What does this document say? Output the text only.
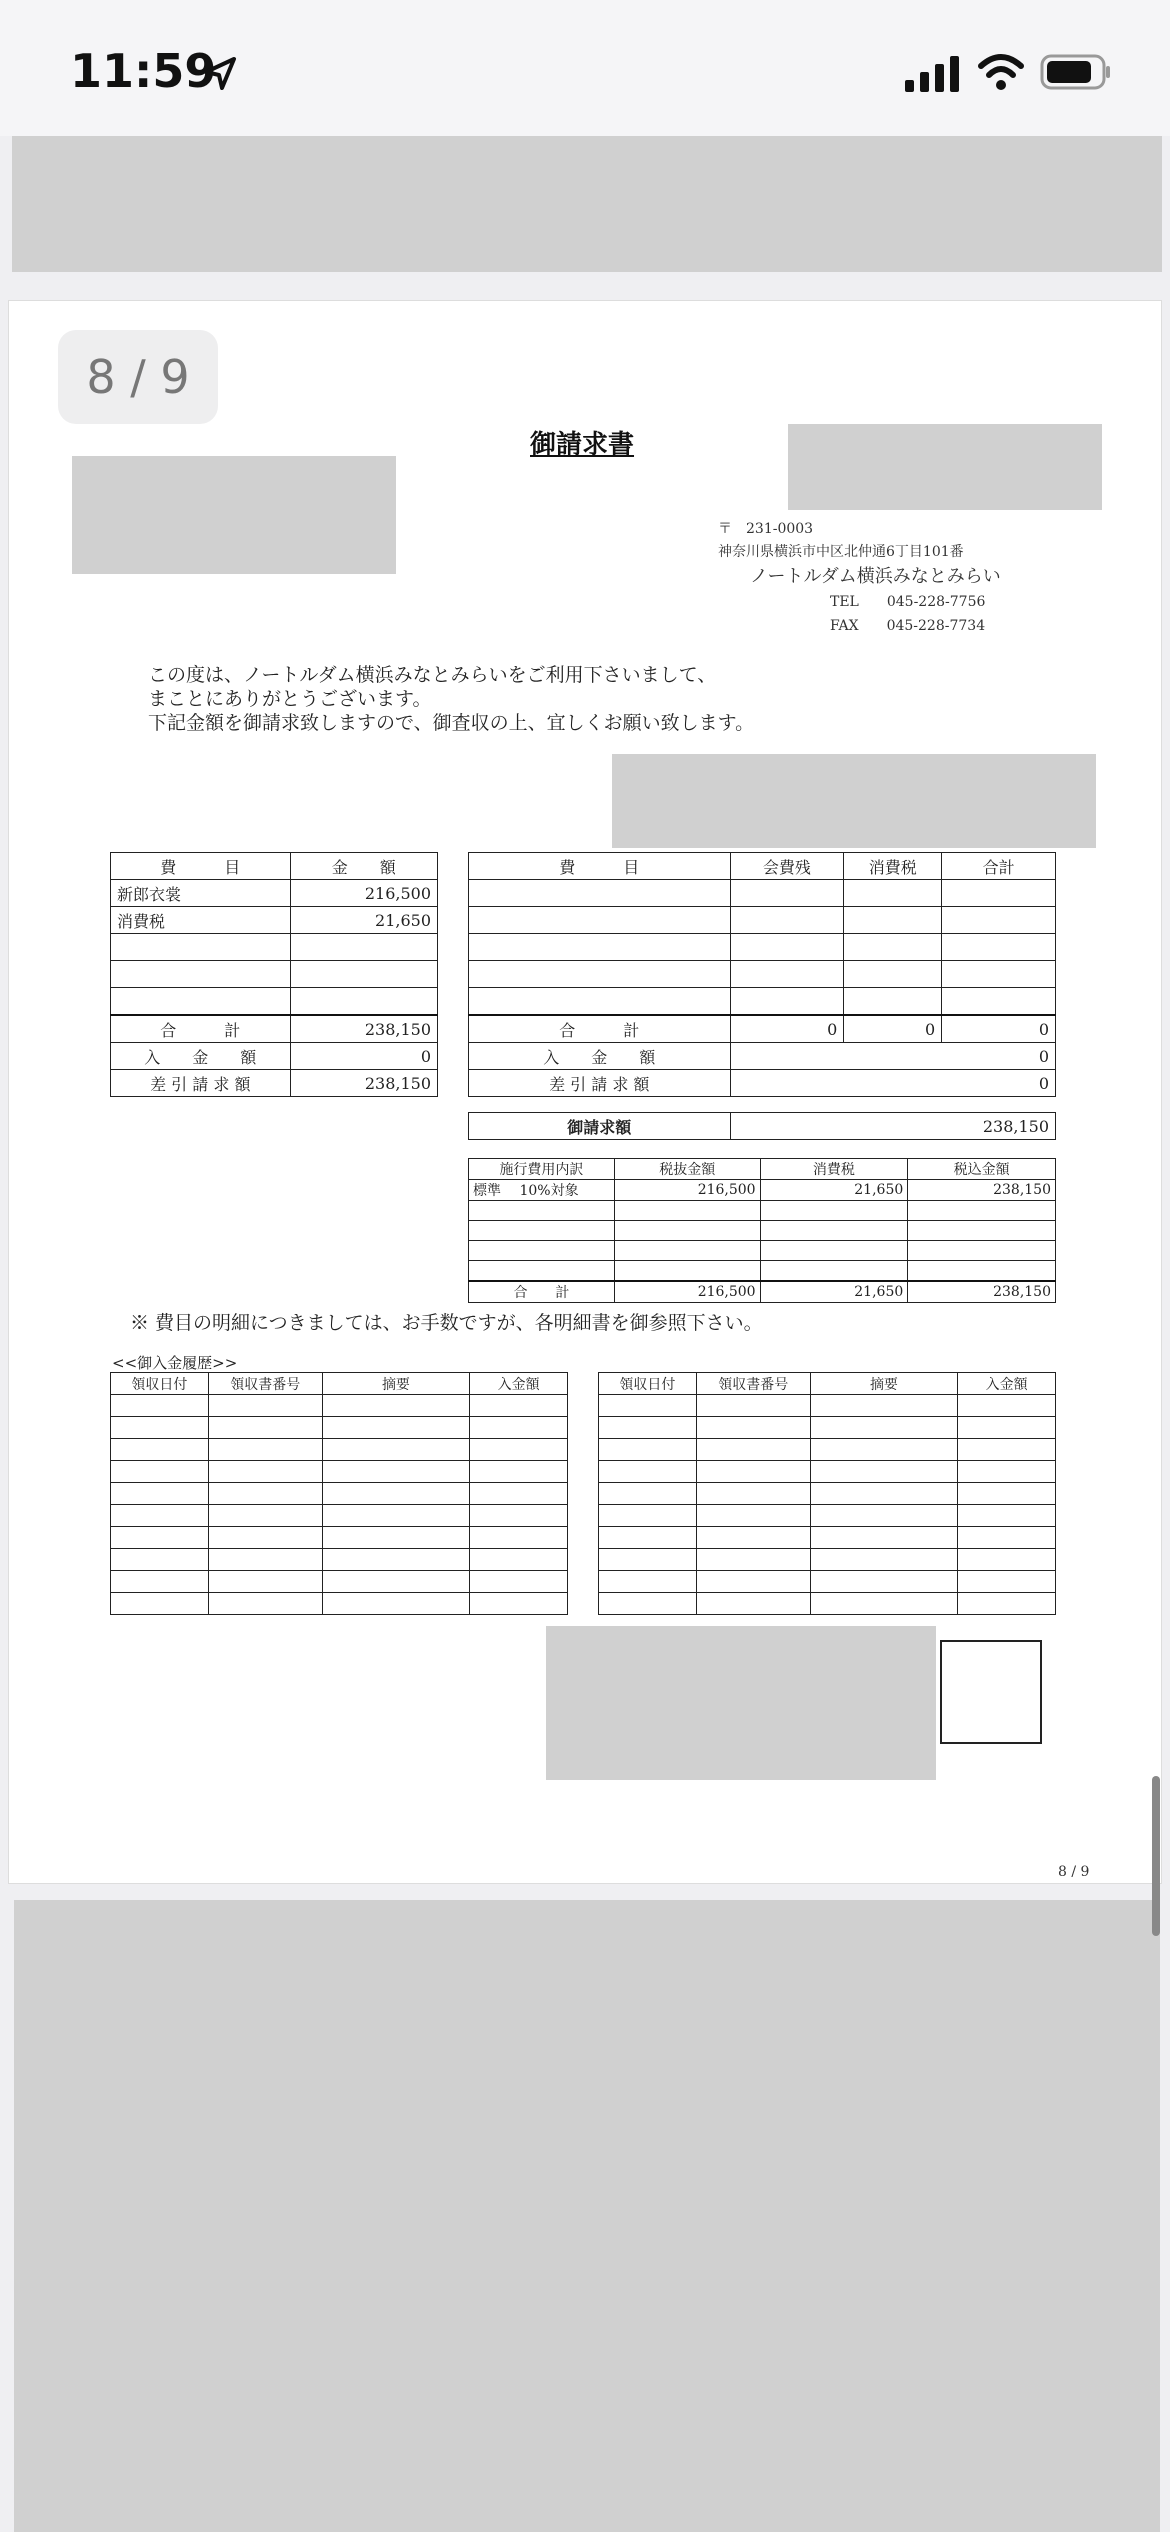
11:59
8 / 9
御請求書
〒　231-0003
神奈川県横浜市中区北仲通6丁目101番
ノートルダム横浜みなとみらい
TEL　　045-228-7756
FAX　　045-228-7734
この度は、ノートルダム横浜みなとみらいをご利用下さいまして、
まことにありがとうございます。
下記金額を御請求致しますので、御査収の上、宜しくお願い致します。
費　　　目	金　　額
新郎衣裳	216,500
消費税	21,650

合　　　計	238,150
入　　金　　額	0
差 引 請 求 額	238,150
費　　　目	会費残	消費税	合計

合　　　計	0	0	0
入　　金　　額	0		
差 引 請 求 額	0		
御請求額	238,150
施行費用内訳	税抜金額	消費税	税込金額
標準　 10%対象	216,500	21,650	238,150

合　　計	216,500	21,650	238,150
※ 費目の明細につきましては、お手数ですが、各明細書を御参照下さい。
<<御入金履歴>>
領収日付	領収書番号	摘要	入金額

				領収日付	領収書番号	摘要	入金額

8 / 9
